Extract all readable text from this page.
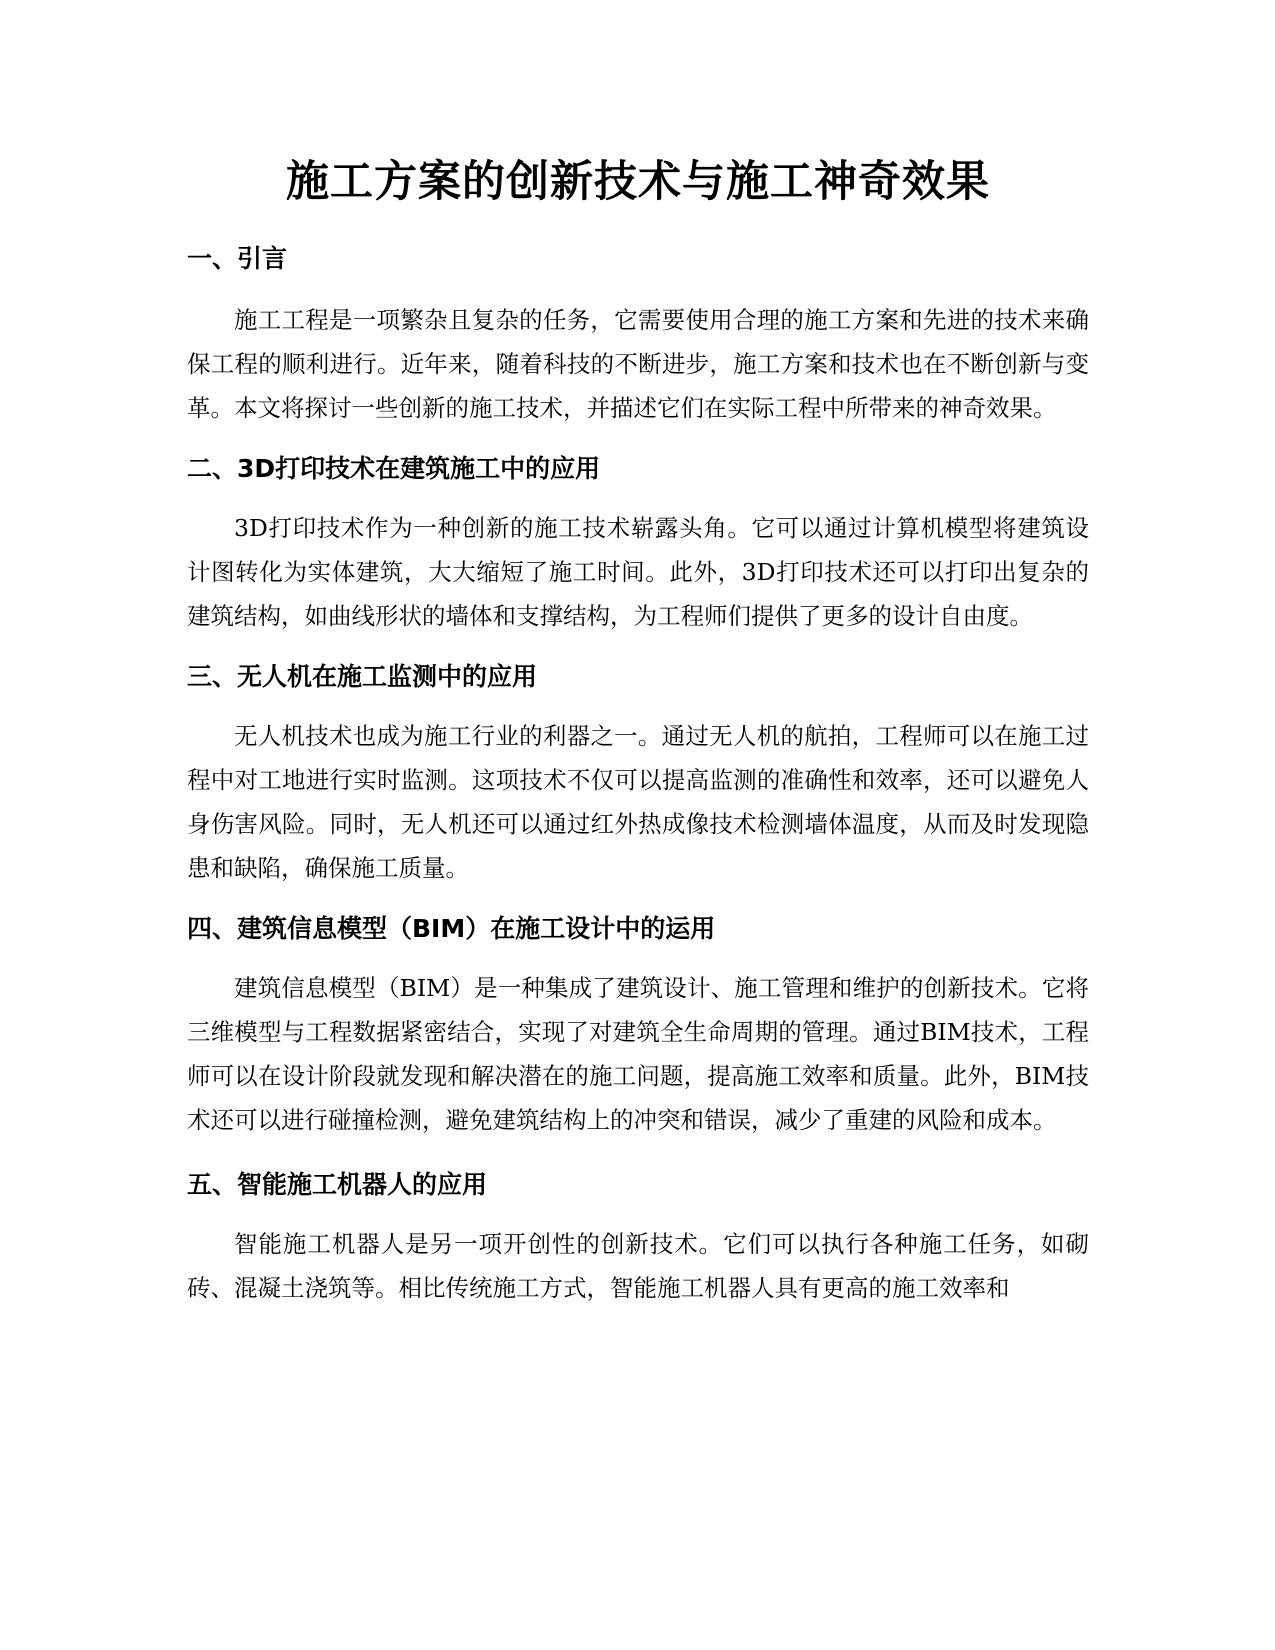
施工方案的创新技术与施工神奇效果
一、引言

施工工程是一项繁杂且复杂的任务，它需要使用合理的施工方案和先进的技术来确保工程的顺利进行。近年来，随着科技的不断进步，施工方案和技术也在不断创新与变革。本文将探讨一些创新的施工技术，并描述它们在实际工程中所带来的神奇效果。

二、3D打印技术在建筑施工中的应用

3D打印技术作为一种创新的施工技术崭露头角。它可以通过计算机模型将建筑设计图转化为实体建筑，大大缩短了施工时间。此外，3D打印技术还可以打印出复杂的建筑结构，如曲线形状的墙体和支撑结构，为工程师们提供了更多的设计自由度。

三、无人机在施工监测中的应用

无人机技术也成为施工行业的利器之一。通过无人机的航拍，工程师可以在施工过程中对工地进行实时监测。这项技术不仅可以提高监测的准确性和效率，还可以避免人身伤害风险。同时，无人机还可以通过红外热成像技术检测墙体温度，从而及时发现隐患和缺陷，确保施工质量。

四、建筑信息模型（BIM）在施工设计中的运用

建筑信息模型（BIM）是一种集成了建筑设计、施工管理和维护的创新技术。它将三维模型与工程数据紧密结合，实现了对建筑全生命周期的管理。通过BIM技术，工程师可以在设计阶段就发现和解决潜在的施工问题，提高施工效率和质量。此外，BIM技术还可以进行碰撞检测，避免建筑结构上的冲突和错误，减少了重建的风险和成本。

五、智能施工机器人的应用

智能施工机器人是另一项开创性的创新技术。它们可以执行各种施工任务，如砌砖、混凝土浇筑等。相比传统施工方式，智能施工机器人具有更高的施工效率和
